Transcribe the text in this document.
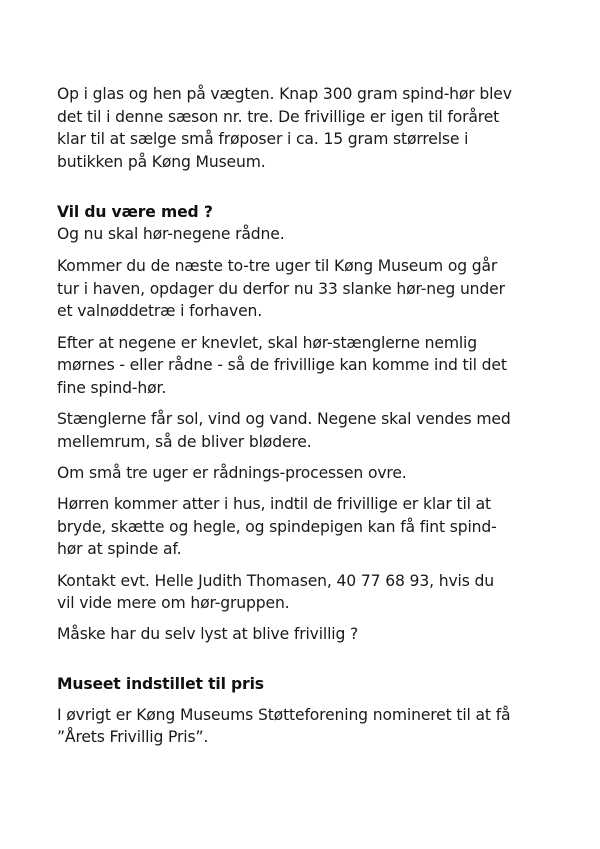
Op i glas og hen på vægten. Knap 300 gram spind-hør blev
det til i denne sæson nr. tre. De frivillige er igen til foråret
klar til at sælge små frøposer i ca. 15 gram størrelse i
butikken på Køng Museum.
Vil du være med ?
Og nu skal hør-negene rådne.
Kommer du de næste to-tre uger til Køng Museum og går
tur i haven, opdager du derfor nu 33 slanke hør-neg under
et valnøddetræ i forhaven.
Efter at negene er knevlet, skal hør-stænglerne nemlig
mørnes - eller rådne - så de frivillige kan komme ind til det
fine spind-hør.
Stænglerne får sol, vind og vand. Negene skal vendes med
mellemrum, så de bliver blødere.
Om små tre uger er rådnings-processen ovre.
Hørren kommer atter i hus, indtil de frivillige er klar til at
bryde, skætte og hegle, og spindepigen kan få fint spind-
hør at spinde af.
Kontakt evt. Helle Judith Thomasen, 40 77 68 93, hvis du
vil vide mere om hør-gruppen.
Måske har du selv lyst at blive frivillig ?
Museet indstillet til pris
I øvrigt er Køng Museums Støtteforening nomineret til at få
”Årets Frivillig Pris”.
